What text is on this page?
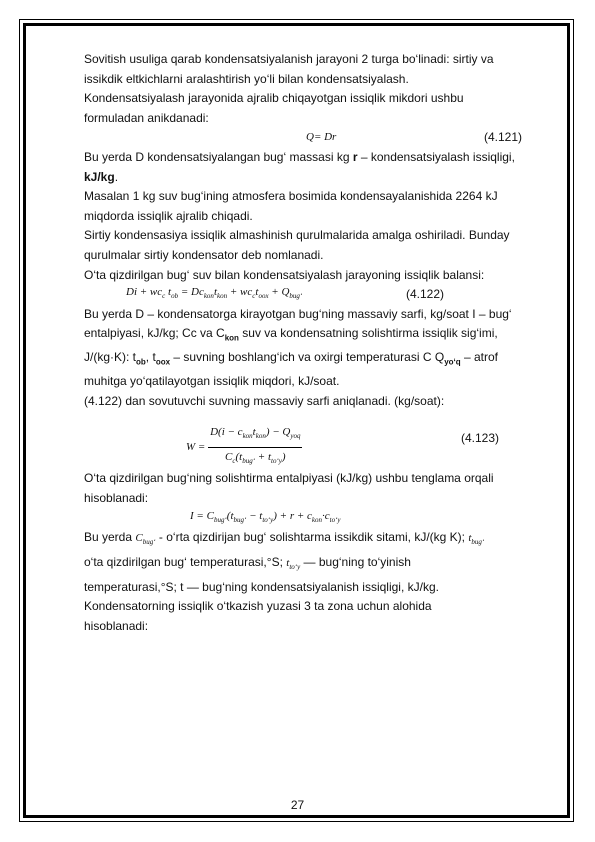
Sovitish usuliga qarab kondensatsiyalanish jarayoni 2 turga bo‘linadi: sirtiy va

issikdik eltkichlarni aralashtirish yo‘li bilan kondensatsiyalash.

Kondensatsiyalash jarayonida ajralib chiqayotgan issiqlik mikdori ushbu

formuladan anikdanadi:

Q= Dr	(4.121)

Bu yerda D kondensatsiyalangan bug‘ massasi kg r – kondensatsiyalash issiqligi,

kJ/kg.

Masalan 1 kg suv bug‘ining atmosfera bosimida kondensayalanishida 2264 kJ

miqdorda issiqlik ajralib chiqadi.

Sirtiy kondensasiya issiqlik almashinish qurulmalarida amalga oshiriladi. Bunday

qurulmalar sirtiy kondensator deb nomlanadi.

O‘ta qizdirilgan bug‘ suv bilan kondensatsiyalash jarayoning issiqlik balansi:

$Di + wc_c$ $t_{ob} = Dc_{kon}t_{kon} + wc_ct_{oox} + Q_{bug‘}$	(4.122)

Bu yerda D – kondensatorga kirayotgan bug‘ning massaviy sarfi, kg/soat I – bug‘

entalpiyasi, kJ/kg; Cc va $C_{kon}$ suv va kondensatning solishtirma issiqlik sig‘imi,

J/(kg·K): $t_{ob}$, $t_{oox}$ – suvning boshlang‘ich va oxirgi temperaturasi C $Q_{yo‘q}$ – atrof

muhitga yo‘qatilayotgan issiqlik miqdori, kJ/soat.

(4.122) dan sovutuvchi suvning massaviy sarfi aniqlanadi. (kg/soat):

$W = \frac{D(i - c_{kon}t_{kon}) - Q_{yoq}}{C_c(t_{bug‘} + t_{to‘y})}$	(4.123)

O‘ta qizdirilgan bug‘ning solishtirma entalpiyasi (kJ/kg) ushbu tenglama orqali

hisoblanadi:

$I = C_{bug‘}(t_{bug‘} - t_{to‘y}) + r + c_{kon}\cdot c_{to‘y}$

Bu yerda $C_{bug‘}$ - o‘rta qizdirijan bug‘ solishtarma issikdik sitami, kJ/(kg K); $t_{bug‘}$

o‘ta qizdirilgan bug‘ temperaturasi,°S; $t_{to‘y}$ — bug‘ning to‘yinish

temperaturasi,°S; t — bug‘ning kondensatsiyalanish issiqligi, kJ/kg.

Kondensatorning issiqlik o‘tkazish yuzasi 3 ta zona uchun alohida

hisoblanadi:

27
